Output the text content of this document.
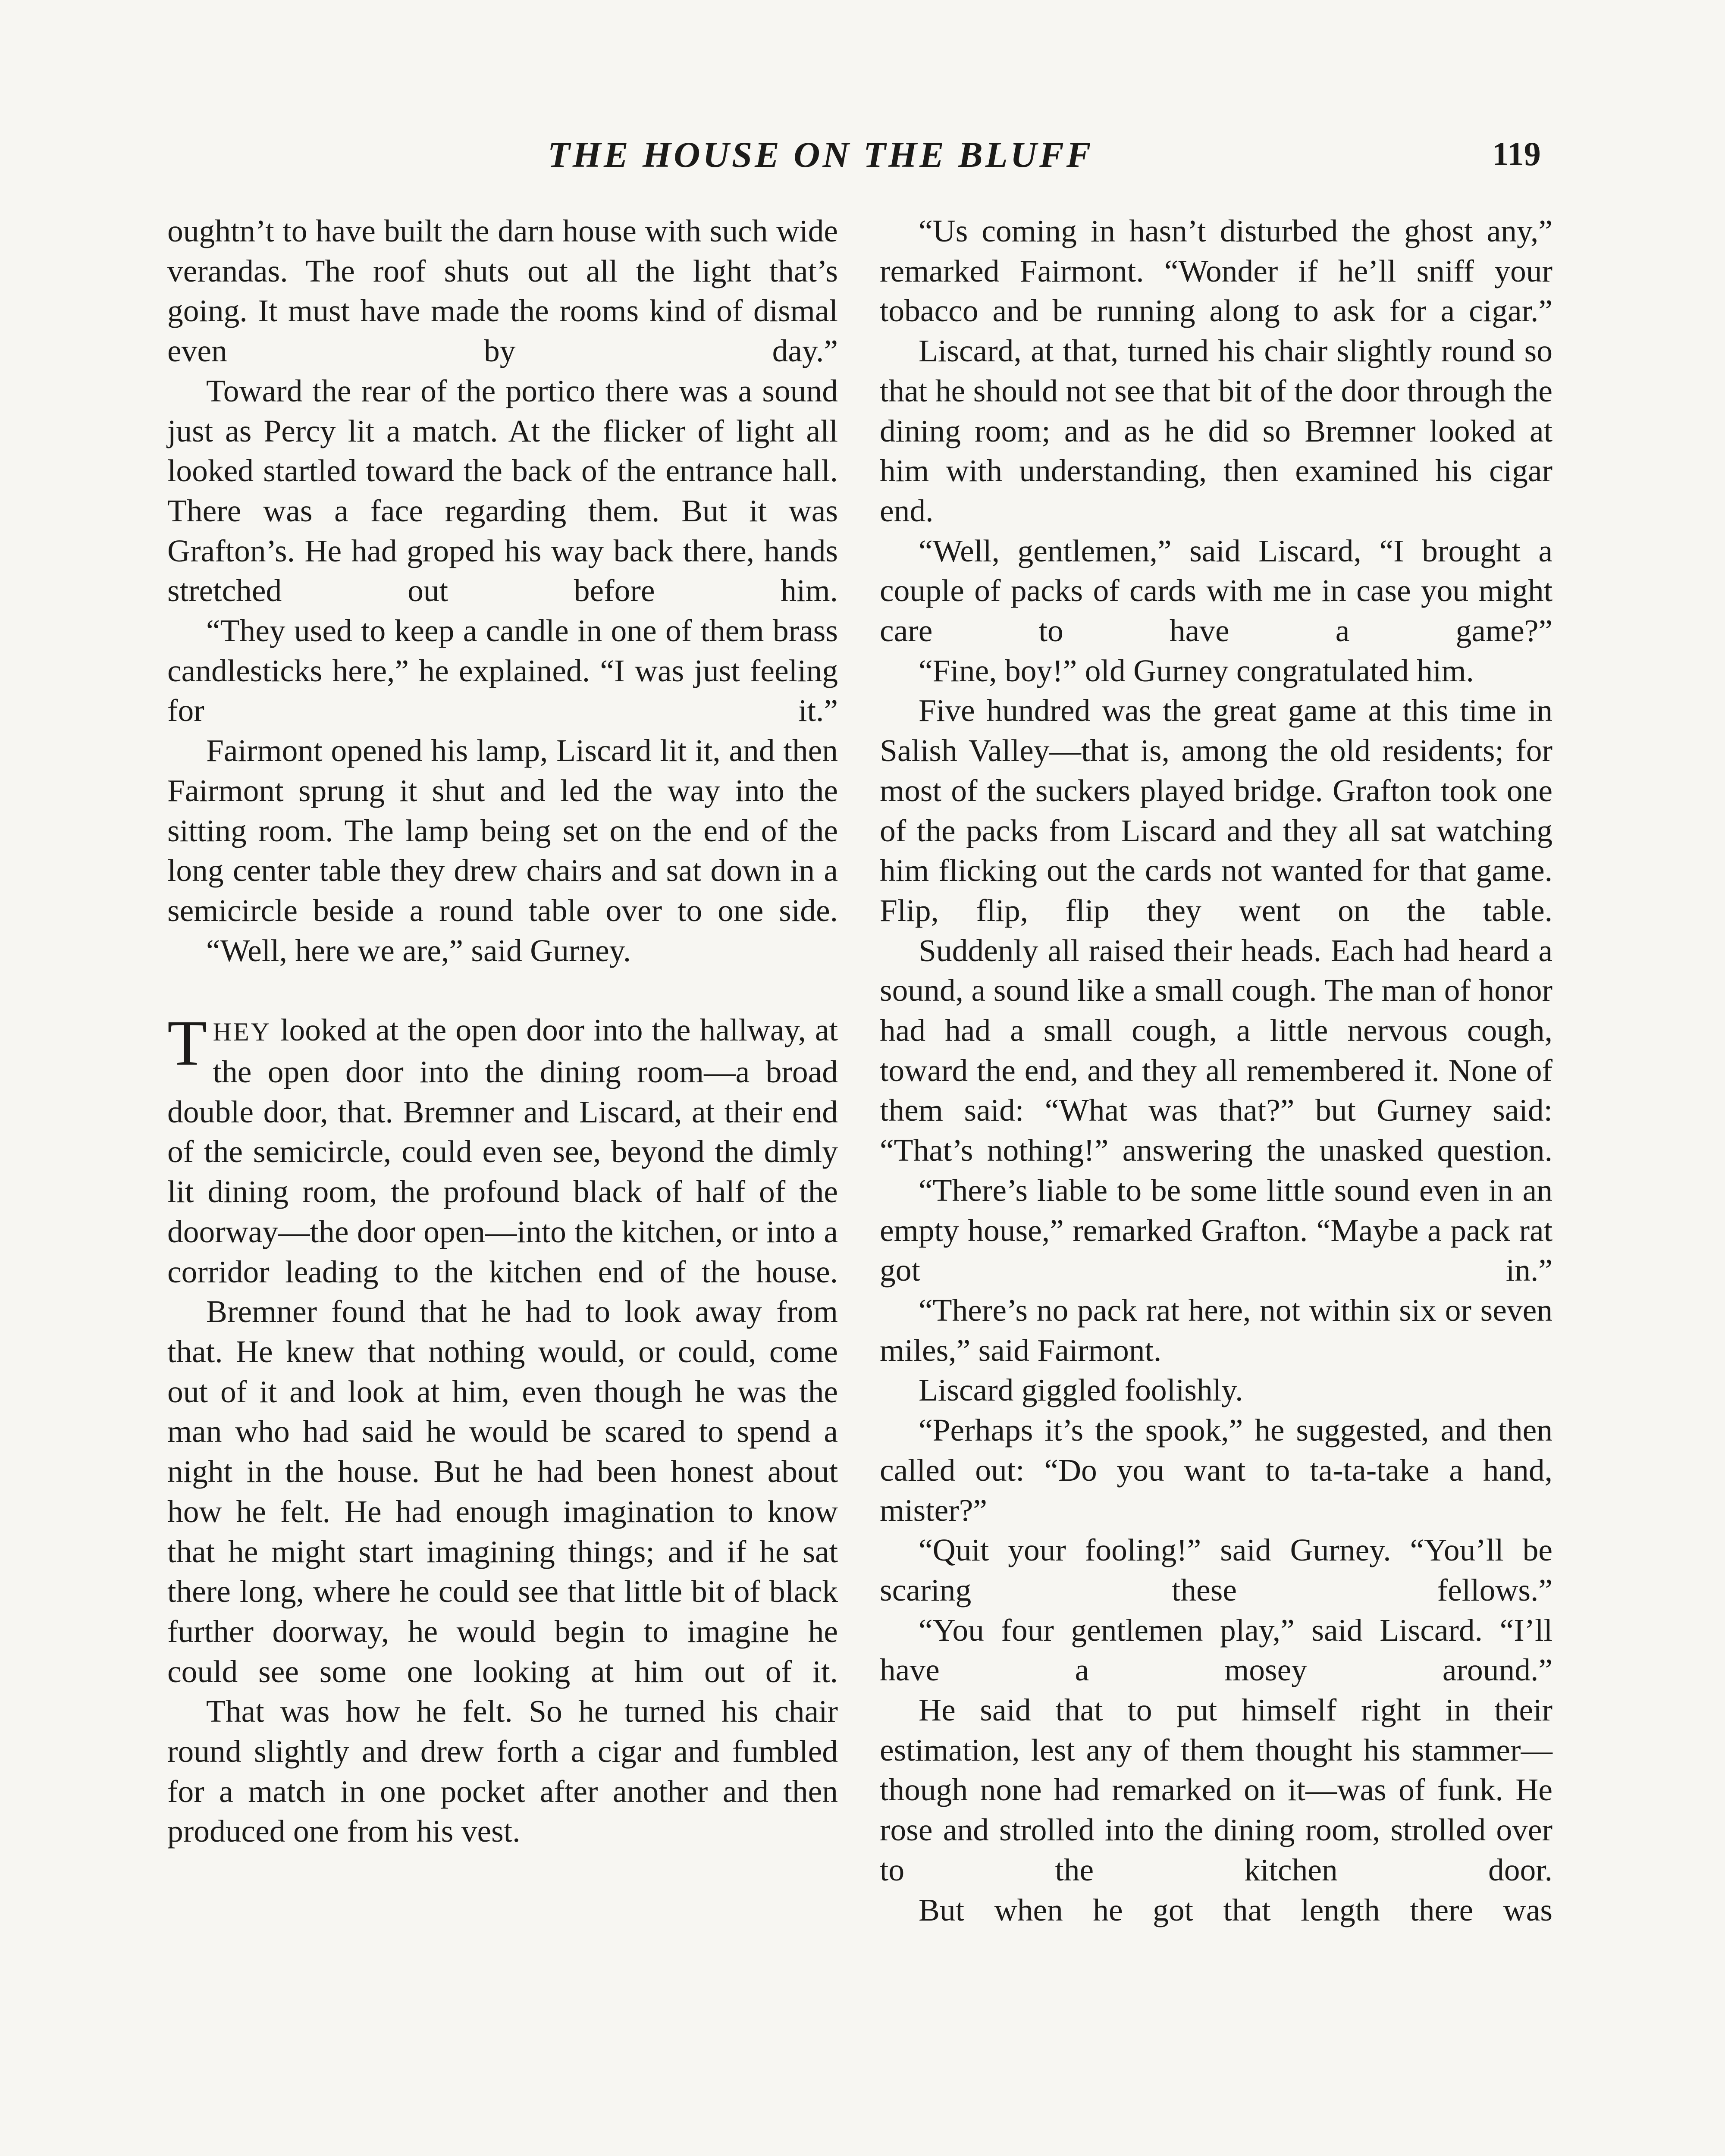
THE HOUSE ON THE BLUFF	119

oughtn’t to have built the darn house with such wide verandas. The roof shuts out all the light that’s going. It must have made the rooms kind of dismal even by day.”

Toward the rear of the portico there was a sound just as Percy lit a match. At the flicker of light all looked startled toward the back of the entrance hall. There was a face regarding them. But it was Grafton’s. He had groped his way back there, hands stretched out before him.

“They used to keep a candle in one of them brass candlesticks here,” he explained. “I was just feeling for it.”

Fairmont opened his lamp, Liscard lit it, and then Fairmont sprung it shut and led the way into the sitting room. The lamp being set on the end of the long center table they drew chairs and sat down in a semicircle beside a round table over to one side.

“Well, here we are,” said Gurney.

THEY looked at the open door into the hallway, at the open door into the dining room—a broad double door, that. Bremner and Liscard, at their end of the semicircle, could even see, beyond the dimly lit dining room, the profound black of half of the doorway—the door open—into the kitchen, or into a corridor leading to the kitchen end of the house.

Bremner found that he had to look away from that. He knew that nothing would, or could, come out of it and look at him, even though he was the man who had said he would be scared to spend a night in the house. But he had been honest about how he felt. He had enough imagination to know that he might start imagining things; and if he sat there long, where he could see that little bit of black further doorway, he would begin to imagine he could see some one looking at him out of it.

That was how he felt. So he turned his chair round slightly and drew forth a cigar and fumbled for a match in one pocket after another and then produced one from his vest.

“Us coming in hasn’t disturbed the ghost any,” remarked Fairmont. “Wonder if he’ll sniff your tobacco and be running along to ask for a cigar.”

Liscard, at that, turned his chair slightly round so that he should not see that bit of the door through the dining room; and as he did so Bremner looked at him with understanding, then examined his cigar end.

“Well, gentlemen,” said Liscard, “I brought a couple of packs of cards with me in case you might care to have a game?”

“Fine, boy!” old Gurney congratulated him.

Five hundred was the great game at this time in Salish Valley—that is, among the old residents; for most of the suckers played bridge. Grafton took one of the packs from Liscard and they all sat watching him flicking out the cards not wanted for that game. Flip, flip, flip they went on the table.

Suddenly all raised their heads. Each had heard a sound, a sound like a small cough. The man of honor had had a small cough, a little nervous cough, toward the end, and they all remembered it. None of them said: “What was that?” but Gurney said: “That’s nothing!” answering the unasked question.

“There’s liable to be some little sound even in an empty house,” remarked Grafton. “Maybe a pack rat got in.”

“There’s no pack rat here, not within six or seven miles,” said Fairmont.

Liscard giggled foolishly.

“Perhaps it’s the spook,” he suggested, and then called out: “Do you want to ta-ta-take a hand, mister?”

“Quit your fooling!” said Gurney. “You’ll be scaring these fellows.”

“You four gentlemen play,” said Liscard. “I’ll have a mosey around.”

He said that to put himself right in their estimation, lest any of them thought his stammer—though none had remarked on it—was of funk. He rose and strolled into the dining room, strolled over to the kitchen door.

But when he got that length there was
